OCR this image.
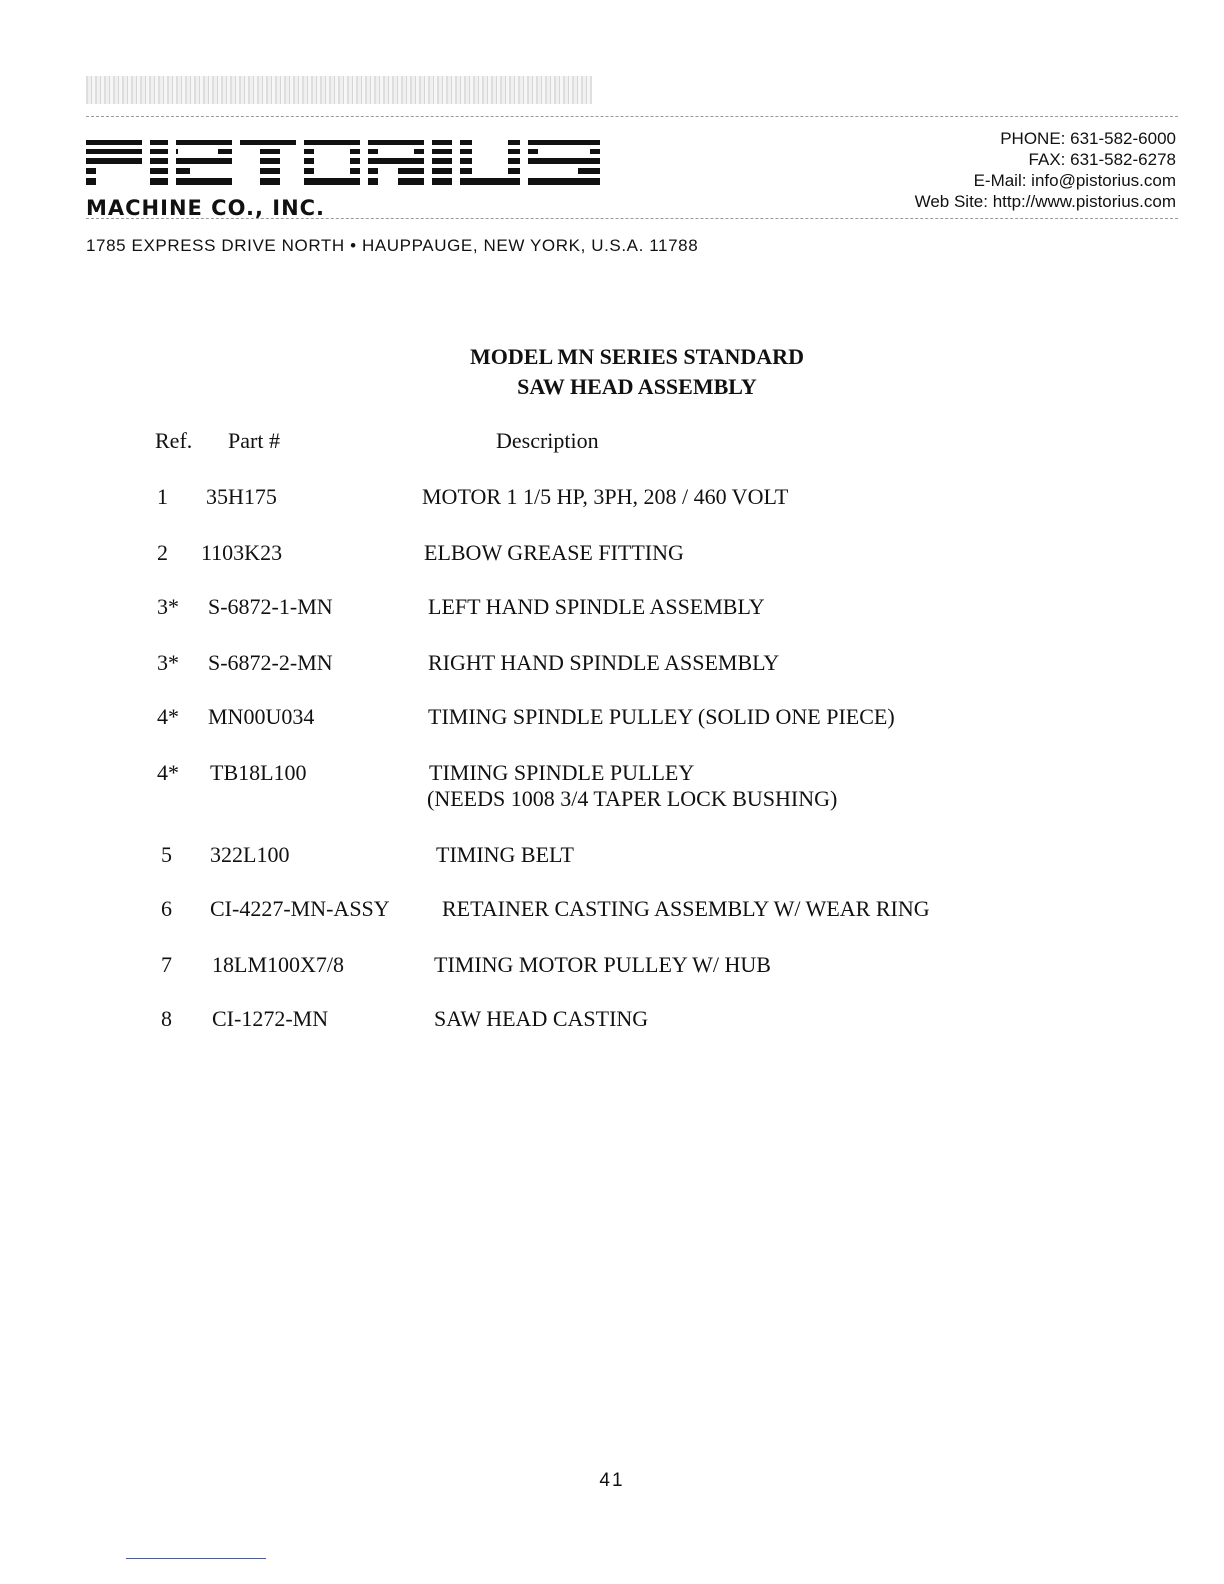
MACHINE CO., INC.
PHONE: 631-582-6000
FAX: 631-582-6278
E-Mail: info@pistorius.com
Web Site: http://www.pistorius.com
1785 EXPRESS DRIVE NORTH • HAUPPAUGE, NEW YORK, U.S.A. 11788
MODEL MN SERIES STANDARD
SAW HEAD ASSEMBLY
Ref. Part #	Description
1 35H175	MOTOR 1 1/5 HP, 3PH, 208 / 460 VOLT
2 1103K23	ELBOW GREASE FITTING
3* S-6872-1-MN	LEFT HAND SPINDLE ASSEMBLY
3* S-6872-2-MN	RIGHT HAND SPINDLE ASSEMBLY
4* MN00U034	TIMING SPINDLE PULLEY (SOLID ONE PIECE)
4* TB18L100	TIMING SPINDLE PULLEY
(NEEDS 1008 3/4 TAPER LOCK BUSHING)
5 322L100	TIMING BELT
6 CI-4227-MN-ASSY RETAINER CASTING ASSEMBLY W/ WEAR RING
7 18LM100X7/8	TIMING MOTOR PULLEY W/ HUB
8 CI-1272-MN	SAW HEAD CASTING
41
